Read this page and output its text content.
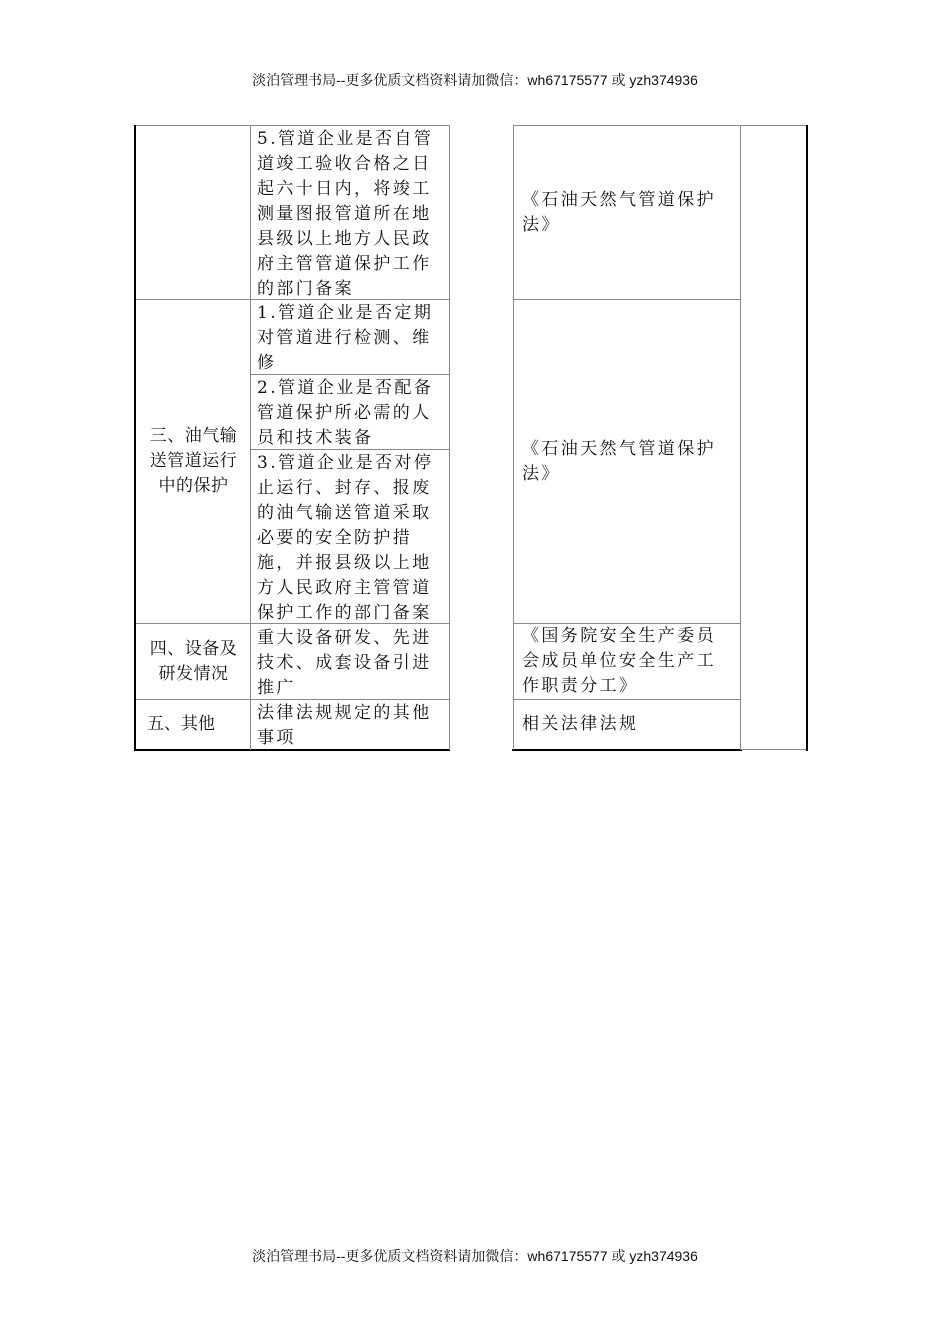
淡泊管理书局--更多优质文档资料请加微信：wh67175577 或 yzh374936
5.管道企业是否自管道竣工验收合格之日起六十日内，将竣工测量图报管道所在地县级以上地方人民政府主管管道保护工作的部门备案
《石油天然气管道保护法》
三、油气输送管道运行中的保护
1.管道企业是否定期对管道进行检测、维修
2.管道企业是否配备管道保护所必需的人员和技术装备
3.管道企业是否对停止运行、封存、报废的油气输送管道采取必要的安全防护措施，并报县级以上地方人民政府主管管道保护工作的部门备案
《石油天然气管道保护法》
四、设备及研发情况
重大设备研发、先进技术、成套设备引进推广
《国务院安全生产委员会成员单位安全生产工作职责分工》
五、其他
法律法规规定的其他事项
相关法律法规
淡泊管理书局--更多优质文档资料请加微信：wh67175577 或 yzh374936
